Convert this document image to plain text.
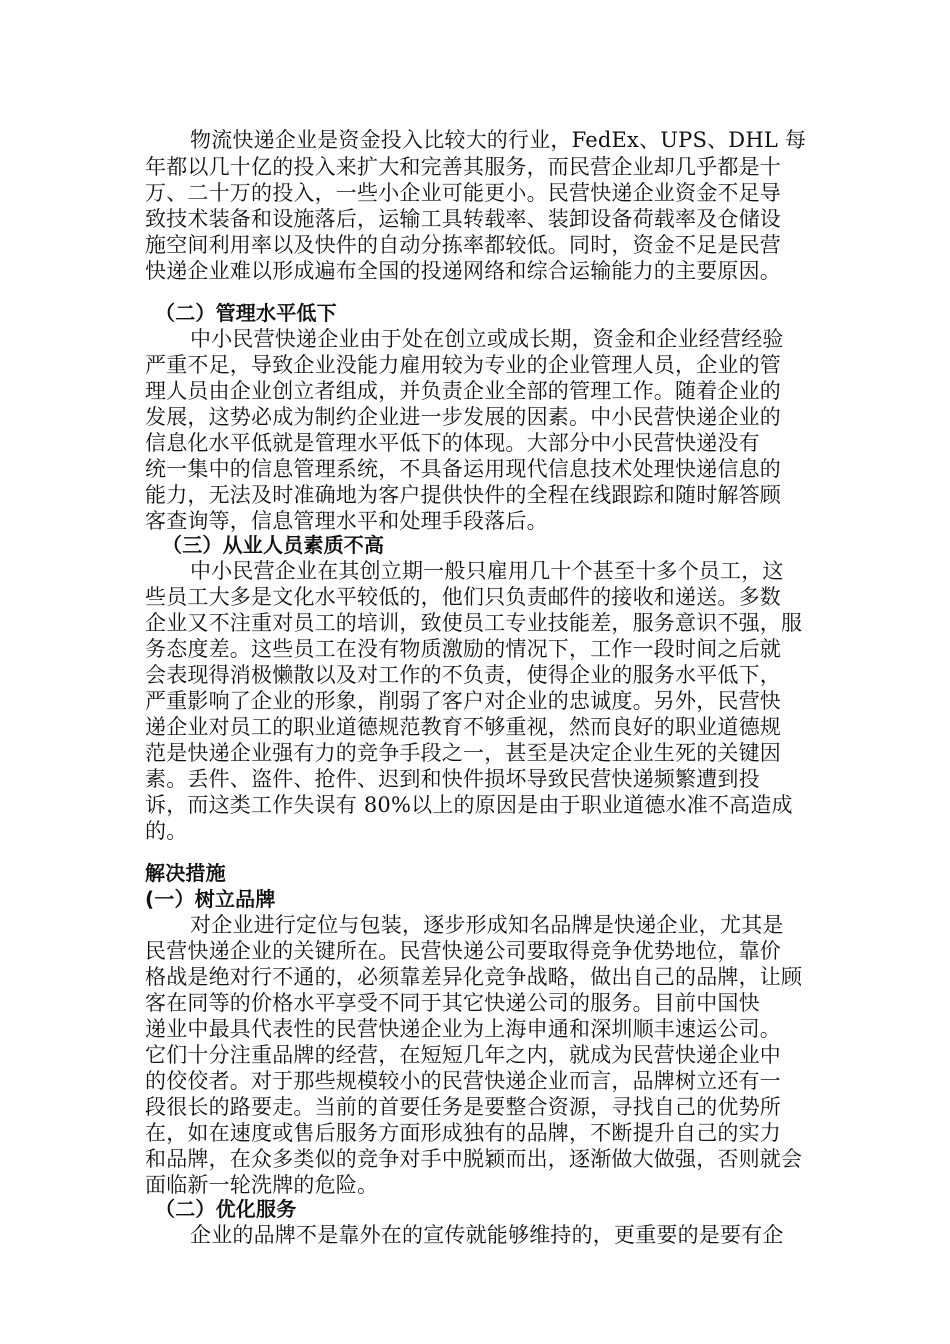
物流快递企业是资金投入比较大的行业，FedEx、UPS、DHL 每
年都以几十亿的投入来扩大和完善其服务，而民营企业却几乎都是十
万、二十万的投入，一些小企业可能更小。民营快递企业资金不足导
致技术装备和设施落后，运输工具转载率、装卸设备荷载率及仓储设
施空间利用率以及快件的自动分拣率都较低。同时，资金不足是民营
快递企业难以形成遍布全国的投递网络和综合运输能力的主要原因。
（二）管理水平低下
中小民营快递企业由于处在创立或成长期，资金和企业经营经验
严重不足，导致企业没能力雇用较为专业的企业管理人员，企业的管
理人员由企业创立者组成，并负责企业全部的管理工作。随着企业的
发展，这势必成为制约企业进一步发展的因素。中小民营快递企业的
信息化水平低就是管理水平低下的体现。大部分中小民营快递没有
统一集中的信息管理系统，不具备运用现代信息技术处理快递信息的
能力，无法及时准确地为客户提供快件的全程在线跟踪和随时解答顾
客查询等，信息管理水平和处理手段落后。
（三）从业人员素质不高
中小民营企业在其创立期一般只雇用几十个甚至十多个员工，这
些员工大多是文化水平较低的，他们只负责邮件的接收和递送。多数
企业又不注重对员工的培训，致使员工专业技能差，服务意识不强，服
务态度差。这些员工在没有物质激励的情况下，工作一段时间之后就
会表现得消极懒散以及对工作的不负责，使得企业的服务水平低下，
严重影响了企业的形象，削弱了客户对企业的忠诚度。另外，民营快
递企业对员工的职业道德规范教育不够重视，然而良好的职业道德规
范是快递企业强有力的竞争手段之一，甚至是决定企业生死的关键因
素。丢件、盗件、抢件、迟到和快件损坏导致民营快递频繁遭到投
诉，而这类工作失误有 80%以上的原因是由于职业道德水准不高造成
的。
解决措施
(一）树立品牌
对企业进行定位与包装，逐步形成知名品牌是快递企业，尤其是
民营快递企业的关键所在。民营快递公司要取得竞争优势地位，靠价
格战是绝对行不通的，必须靠差异化竞争战略，做出自己的品牌，让顾
客在同等的价格水平享受不同于其它快递公司的服务。目前中国快
递业中最具代表性的民营快递企业为上海申通和深圳顺丰速运公司。
它们十分注重品牌的经营，在短短几年之内，就成为民营快递企业中
的佼佼者。对于那些规模较小的民营快递企业而言，品牌树立还有一
段很长的路要走。当前的首要任务是要整合资源，寻找自己的优势所
在，如在速度或售后服务方面形成独有的品牌，不断提升自己的实力
和品牌，在众多类似的竞争对手中脱颖而出，逐渐做大做强，否则就会
面临新一轮洗牌的危险。
（二）优化服务
企业的品牌不是靠外在的宣传就能够维持的，更重要的是要有企
